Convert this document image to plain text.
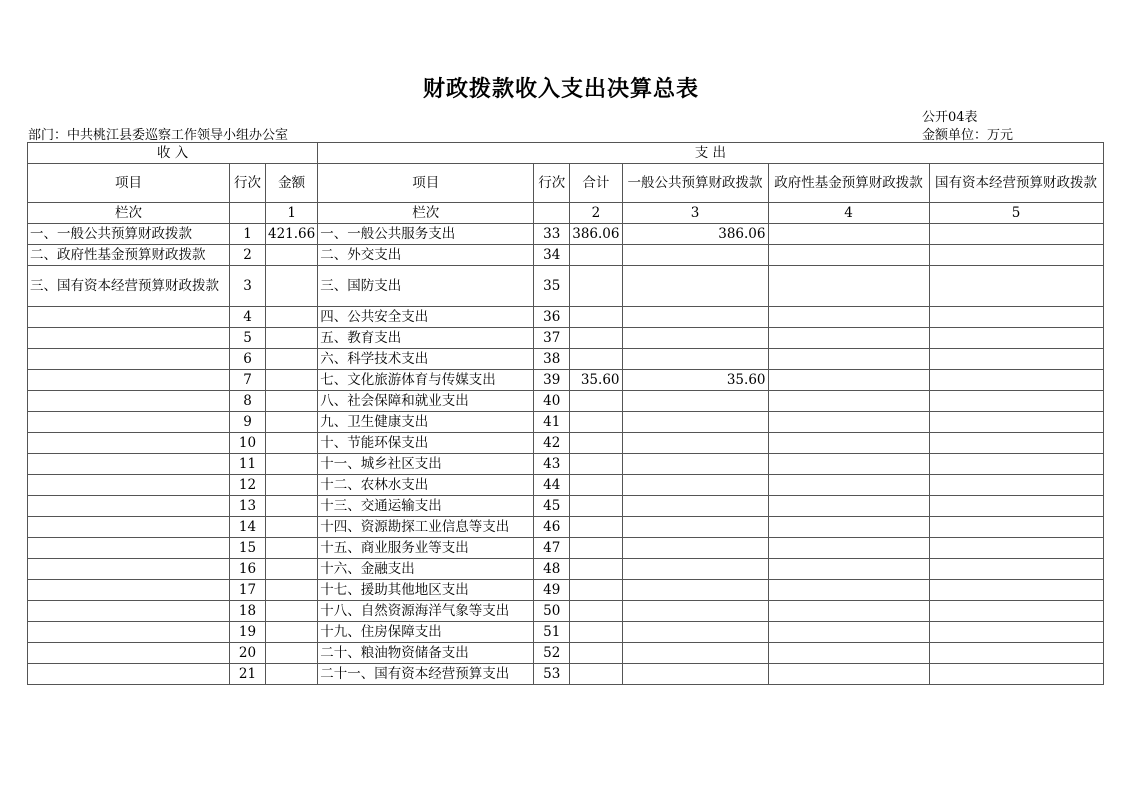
财政拨款收入支出决算总表
公开04表
部门：中共桃江县委巡察工作领导小组办公室	金额单位：万元
收 入			支 出					
项目	行次	金额	项目	行次	合计	一般公共预算财政拨款	政府性基金预算财政拨款	国有资本经营预算财政拨款
栏次		1	栏次		2	3	4	5
一、一般公共预算财政拨款	1	421.66	一、一般公共服务支出	33	386.06	386.06		
二、政府性基金预算财政拨款	2		二、外交支出	34				
三、国有资本经营预算财政拨款	3		三、国防支出	35				
	4		四、公共安全支出	36				
	5		五、教育支出	37				
	6		六、科学技术支出	38				
	7		七、文化旅游体育与传媒支出	39	35.60	35.60		
	8		八、社会保障和就业支出	40				
	9		九、卫生健康支出	41				
	10		十、节能环保支出	42				
	11		十一、城乡社区支出	43				
	12		十二、农林水支出	44				
	13		十三、交通运输支出	45				
	14		十四、资源勘探工业信息等支出	46				
	15		十五、商业服务业等支出	47				
	16		十六、金融支出	48				
	17		十七、援助其他地区支出	49				
	18		十八、自然资源海洋气象等支出	50				
	19		十九、住房保障支出	51				
	20		二十、粮油物资储备支出	52				
	21		二十一、国有资本经营预算支出	53				
